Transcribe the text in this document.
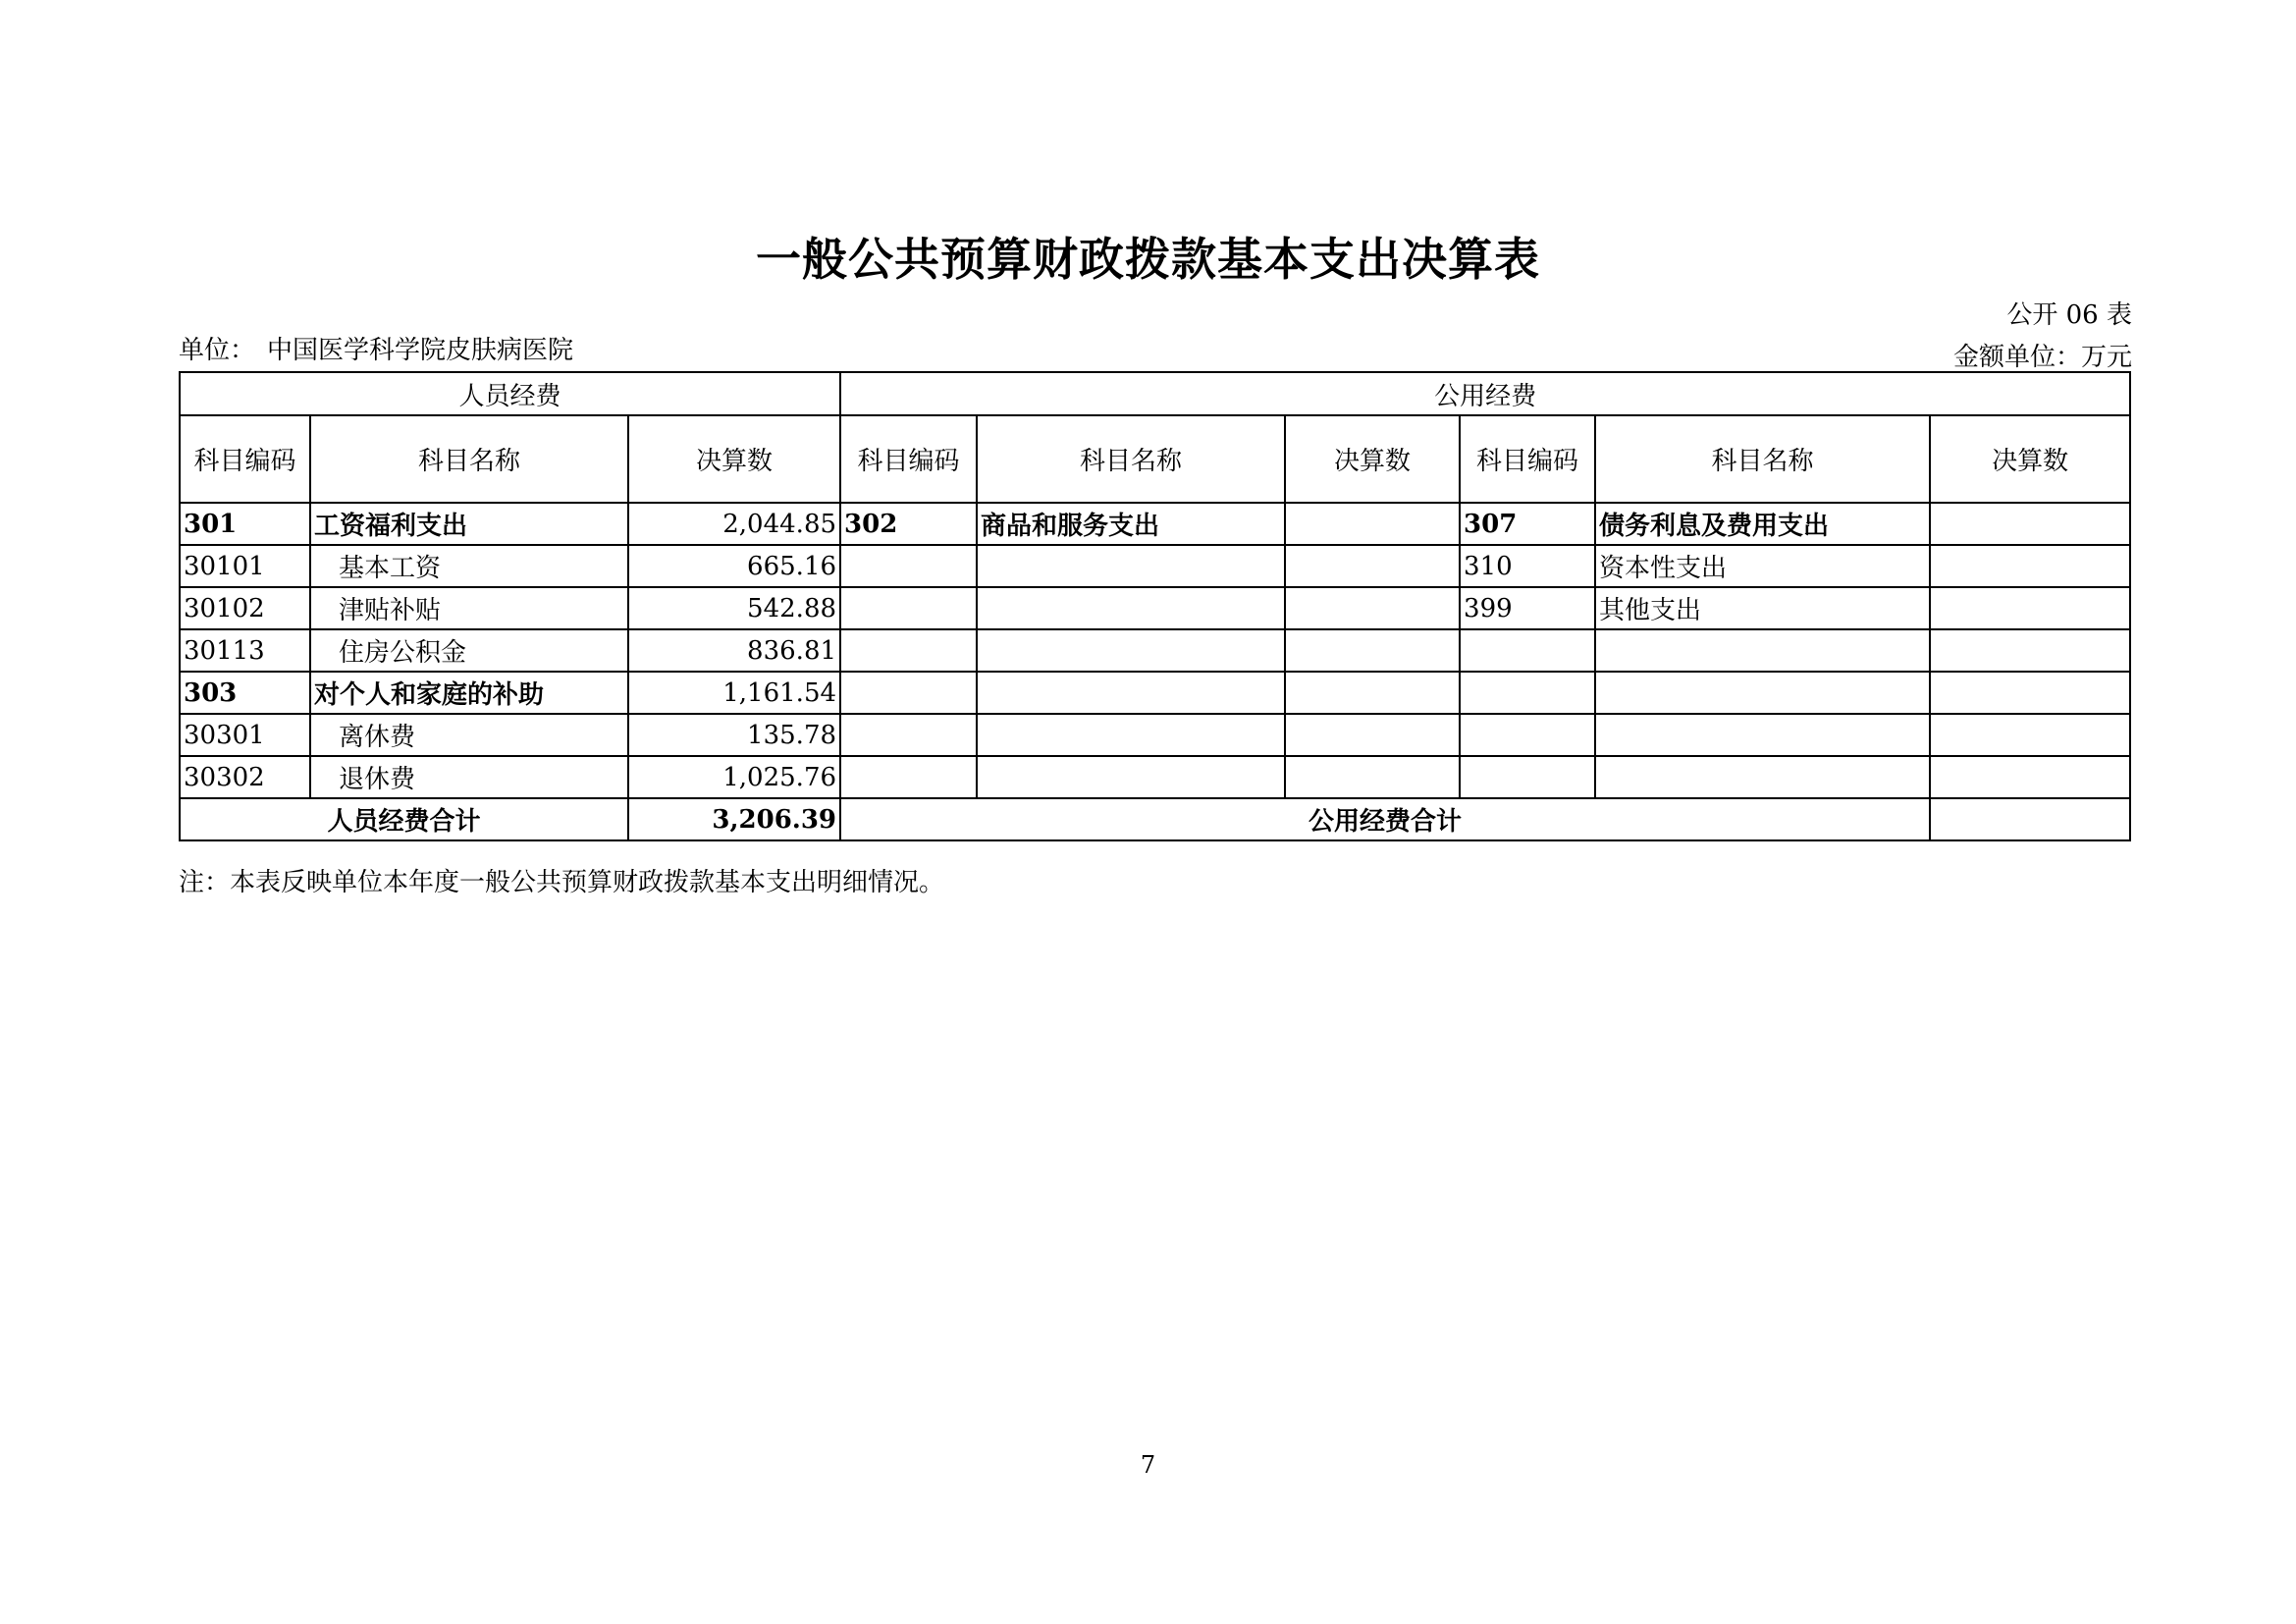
一般公共预算财政拨款基本支出决算表
公开 06 表
单位： 中国医学科学院皮肤病医院	金额单位：万元
人员经费			公用经费					
科目编码	科目名称	决算数	科目编码	科目名称	决算数	科目编码	科目名称	决算数
301	工资福利支出	2,044.85	302	商品和服务支出		307	债务利息及费用支出	
30101	基本工资	665.16				310	资本性支出	
30102	津贴补贴	542.88				399	其他支出	
30113	住房公积金	836.81						
303	对个人和家庭的补助	1,161.54						
30301	离休费	135.78						
30302	退休费	1,025.76						
人员经费合计		3,206.39	公用经费合计					
注：本表反映单位本年度一般公共预算财政拨款基本支出明细情况。
7
